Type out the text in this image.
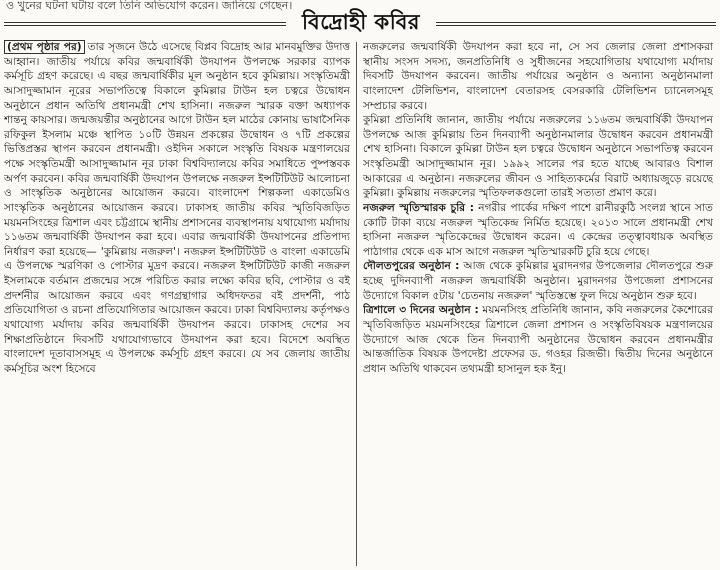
ও খুনের ঘটনা ঘটায় বলে তিনি অভিযোগ করেন। জানিয়ে গেছেন।
বিদ্রোহী কবির

(প্রথম পৃষ্ঠার পর) তার সৃজনে উঠে এসেছে বিপ্লব বিদ্রোহ আর মানবমুক্তির উদাত্ত আহ্বান। জাতীয় পর্যায়ে কবির জন্মবার্ষিকী উদযাপন উপলক্ষে সরকার ব্যাপক কর্মসূচি গ্রহণ করেছে। এ বছর জন্মবার্ষিকীর মূল অনুষ্ঠান হবে কুমিল্লায়। সংস্কৃতিমন্ত্রী আসাদুজ্জামান নূরের সভাপতিত্বে বিকালে কুমিল্লার টাউন হল চত্বরে উদ্বোধন অনুষ্ঠানে প্রধান অতিথি প্রধানমন্ত্রী শেখ হাসিনা। নজরুল স্মারক বক্তা অধ্যাপক শান্তনু কায়সার। জন্মজয়ন্তীর অনুষ্ঠানের আগে টাউন হল মাঠের কোনায় ভাষাসৈনিক রফিকুল ইসলাম মঞ্চে স্থাপিত ১০টি উন্নয়ন প্রকল্পের উদ্বোধন ও ৭টি প্রকল্পের ভিত্তিপ্রস্তর স্থাপন করবেন প্রধানমন্ত্রী। ওইদিন সকালে সংস্কৃতি বিষয়ক মন্ত্রণালয়ের পক্ষে সংস্কৃতিমন্ত্রী আসাদুজ্জামান নূর ঢাকা বিশ্ববিদ্যালয়ে কবির সমাধিতে পুষ্পস্তবক অর্পণ করবেন। কবির জন্মবার্ষিকী উদযাপন উপলক্ষে নজরুল ইন্সটিটিউট আলোচনা ও সাংস্কৃতিক অনুষ্ঠানের আয়োজন করবে। বাংলাদেশ শিল্পকলা একাডেমিও সাংস্কৃতিক অনুষ্ঠানের আয়োজন করবে। ঢাকাসহ জাতীয় কবির স্মৃতিবিজড়িত ময়মনসিংহের ত্রিশাল এবং চট্টগ্রামে স্থানীয় প্রশাসনের ব্যবস্থাপনায় যথাযোগ্য মর্যাদায় ১১৬তম জন্মবার্ষিকী উদযাপন করা হবে। এবার জন্মবার্ষিকী উদযাপনের প্রতিপাদ্য নির্ধারণ করা হয়েছে— 'কুমিল্লায় নজরুল'। নজরুল ইন্সটিটিউট ও বাংলা একাডেমি এ উপলক্ষে স্মরণিকা ও পোস্টার মুদ্রণ করবে। নজরুল ইন্সটিটিউট কাজী নজরুল ইসলামকে বর্তমান প্রজন্মের সঙ্গে পরিচিত করার লক্ষ্যে কবির ছবি, পোস্টার ও বই প্রদর্শনীর আয়োজন করবে এবং গণগ্রন্থাগার অধিদফতর বই প্রদর্শনী, পাঠ প্রতিযোগিতা ও রচনা প্রতিযোগিতার আয়োজন করবে। ঢাকা বিশ্ববিদ্যালয় কর্তৃপক্ষও যথাযোগ্য মর্যাদায় কবির জন্মবার্ষিকী উদযাপন করবে। ঢাকাসহ দেশের সব শিক্ষাপ্রতিষ্ঠানে দিবসটি যথাযোগ্যভাবে উদযাপন করা হবে। বিদেশে অবস্থিত বাংলাদেশ দূতাবাসসমূহ এ উপলক্ষে কর্মসূচি গ্রহণ করবে। যে সব জেলায় জাতীয় কর্মসূচির অংশ হিসেবে

নজরুলের জন্মবার্ষিকী উদযাপন করা হবে না, সে সব জেলার জেলা প্রশাসকরা স্থানীয় সংসদ সদস্য, জনপ্রতিনিধি ও সুধীজনের সহযোগিতায় যথাযোগ্য মর্যাদায় দিবসটি উদযাপন করবেন। জাতীয় পর্যায়ের অনুষ্ঠান ও অন্যান্য অনুষ্ঠানমালা বাংলাদেশ টেলিভিশন, বাংলাদেশ বেতারসহ বেসরকারি টেলিভিশন চ্যানেলসমূহ সম্প্রচার করবে।

কুমিল্লা প্রতিনিধি জানান, জাতীয় পর্যায়ে নজরুলের ১১৬তম জন্মবার্ষিকী উদযাপন উপলক্ষে আজ কুমিল্লায় তিন দিনব্যাপী অনুষ্ঠানমালার উদ্বোধন করবেন প্রধানমন্ত্রী শেখ হাসিনা। বিকালে কুমিল্লা টাউন হল চত্বরে উদ্বোধন অনুষ্ঠানে সভাপতিত্ব করবেন সংস্কৃতিমন্ত্রী আসাদুজ্জামান নূর। ১৯৯২ সালের পর হতে যাচ্ছে আবারও বিশাল আকারের এ অনুষ্ঠান। নজরুলের জীবন ও সাহিত্যকর্মের বিরাট অধ্যায়জুড়ে রয়েছে কুমিল্লা। কুমিল্লায় নজরুলের স্মৃতিফলকগুলো তারই সত্যতা প্রমাণ করে।

নজরুল স্মৃতিস্মারক চুরি : নগরীর পার্কের দক্ষিণ পাশে রানীরকুঠি সংলগ্ন স্থানে সাত কোটি টাকা ব্যয়ে নজরুল স্মৃতিকেন্দ্র নির্মিত হয়েছে। ২০১৩ সালে প্রধানমন্ত্রী শেখ হাসিনা নজরুল স্মৃতিকেন্দ্রের উদ্বোধন করেন। এ কেন্দ্রের তত্ত্বাবধায়ক অবস্থিত পাঠাগার থেকে এক মাস আগে নজরুল স্মৃতিস্মারকটি চুরি হয়ে গেছে।

দৌলতপুরের অনুষ্ঠান : আজ থেকে কুমিল্লার মুরাদনগর উপজেলার দৌলতপুরে শুরু হচ্ছে দুদিনব্যাপী নজরুল জন্মবার্ষিকী অনুষ্ঠান। মুরাদনগর উপজেলা প্রশাসনের উদ্যোগে বিকাল ৫টায় 'চেতনায় নজরুল' স্মৃতিস্তম্ভে ফুল দিয়ে অনুষ্ঠান শুরু হবে।

ত্রিশালে ৩ দিনের অনুষ্ঠান : ময়মনসিংহ প্রতিনিধি জানান, কবি নজরুলের কৈশোরের স্মৃতিবিজড়িত ময়মনসিংহের ত্রিশালে জেলা প্রশাসন ও সংস্কৃতিবিষয়ক মন্ত্রণালয়ের উদ্যোগে আজ থেকে তিন দিনব্যাপী অনুষ্ঠানের উদ্বোধন করবেন প্রধানমন্ত্রীর আন্তর্জাতিক বিষয়ক উপদেষ্টা প্রফেসর ড. গওহর রিজভী। দ্বিতীয় দিনের অনুষ্ঠানে প্রধান অতিথি থাকবেন তথ্যমন্ত্রী হাসানুল হক ইনু।
